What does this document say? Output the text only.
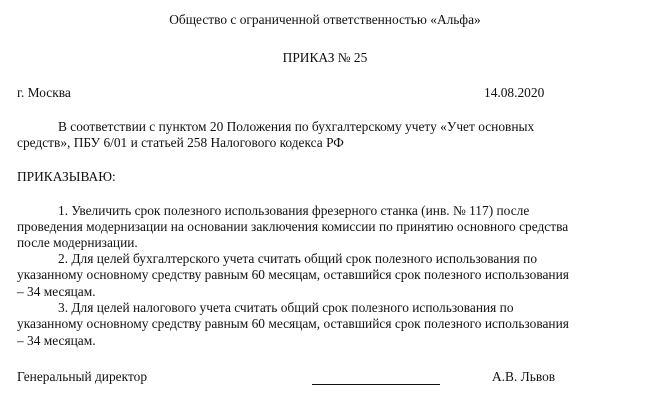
Общество с ограниченной ответственностью «Альфа»
ПРИКАЗ № 25
г. Москва	14.08.2020
В соответствии с пунктом 20 Положения по бухгалтерскому учету «Учет основных
средств», ПБУ 6/01 и статьей 258 Налогового кодекса РФ
ПРИКАЗЫВАЮ:
1. Увеличить срок полезного использования фрезерного станка (инв. № 117) после
проведения модернизации на основании заключения комиссии по принятию основного средства
после модернизации.
2. Для целей бухгалтерского учета считать общий срок полезного использования по
указанному основному средству равным 60 месяцам, оставшийся срок полезного использования
– 34 месяцам.
3. Для целей налогового учета считать общий срок полезного использования по
указанному основному средству равным 60 месяцам, оставшийся срок полезного использования
– 34 месяцам.
Генеральный директор	А.В. Львов
